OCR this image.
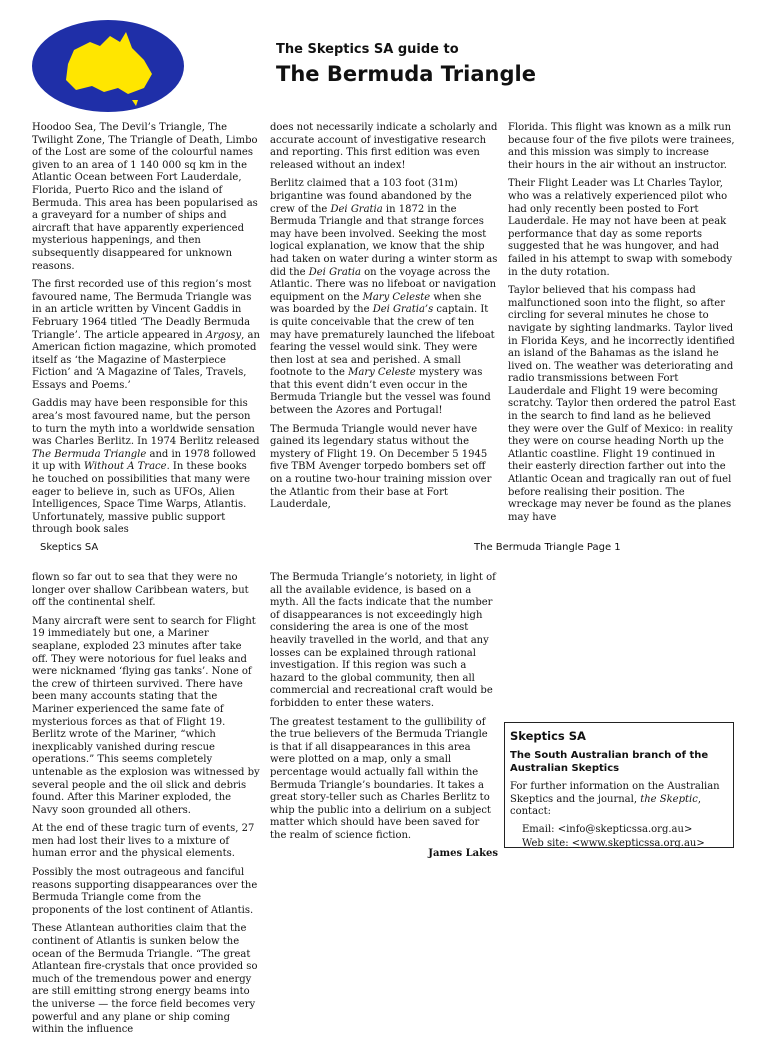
The Skeptics SA guide to
The Bermuda Triangle

Hoodoo Sea, The Devil’s Triangle, The Twilight Zone, The Triangle of Death, Limbo of the Lost are some of the colourful names given to an area of 1 140 000 sq km in the Atlantic Ocean between Fort Lauderdale, Florida, Puerto Rico and the island of Bermuda. This area has been popularised as a graveyard for a number of ships and aircraft that have apparently experienced mysterious happenings, and then subsequently disappeared for unknown reasons.

The first recorded use of this region’s most favoured name, The Bermuda Triangle was in an article written by Vincent Gaddis in February 1964 titled ‘The Deadly Bermuda Triangle’. The article appeared in Argosy, an American fiction magazine, which promoted itself as ‘the Magazine of Masterpiece Fiction’ and ‘A Magazine of Tales, Travels, Essays and Poems.’

Gaddis may have been responsible for this area’s most favoured name, but the person to turn the myth into a worldwide sensation was Charles Berlitz. In 1974 Berlitz released The Bermuda Triangle and in 1978 followed it up with Without A Trace. In these books he touched on possibilities that many were eager to believe in, such as UFOs, Alien Intelligences, Space Time Warps, Atlantis. Unfortunately, massive public support through book sales

does not necessarily indicate a scholarly and accurate account of investigative research and reporting. This first edition was even released without an index!

Berlitz claimed that a 103 foot (31m) brigantine was found abandoned by the crew of the Dei Gratia in 1872 in the Bermuda Triangle and that strange forces may have been involved. Seeking the most logical explanation, we know that the ship had taken on water during a winter storm as did the Dei Gratia on the voyage across the Atlantic. There was no lifeboat or navigation equipment on the Mary Celeste when she was boarded by the Dei Gratia’s captain. It is quite conceivable that the crew of ten may have prematurely launched the lifeboat fearing the vessel would sink. They were then lost at sea and perished. A small footnote to the Mary Celeste mystery was that this event didn’t even occur in the Bermuda Triangle but the vessel was found between the Azores and Portugal!

The Bermuda Triangle would never have gained its legendary status without the mystery of Flight 19. On December 5 1945 five TBM Avenger torpedo bombers set off on a routine two-hour training mission over the Atlantic from their base at Fort Lauderdale,

Florida. This flight was known as a milk run because four of the five pilots were trainees, and this mission was simply to increase their hours in the air without an instructor.

Their Flight Leader was Lt Charles Taylor, who was a relatively experienced pilot who had only recently been posted to Fort Lauderdale. He may not have been at peak performance that day as some reports suggested that he was hungover, and had failed in his attempt to swap with somebody in the duty rotation.

Taylor believed that his compass had malfunctioned soon into the flight, so after circling for several minutes he chose to navigate by sighting landmarks. Taylor lived in Florida Keys, and he incorrectly identified an island of the Bahamas as the island he lived on. The weather was deteriorating and radio transmissions between Fort Lauderdale and Flight 19 were becoming scratchy. Taylor then ordered the patrol East in the search to find land as he believed they were over the Gulf of Mexico: in reality they were on course heading North up the Atlantic coastline. Flight 19 continued in their easterly direction farther out into the Atlantic Ocean and tragically ran out of fuel before realising their position. The wreckage may never be found as the planes may have

Skeptics SA	The Bermuda Triangle Page 1

flown so far out to sea that they were no longer over shallow Caribbean waters, but off the continental shelf.

Many aircraft were sent to search for Flight 19 immediately but one, a Mariner seaplane, exploded 23 minutes after take off. They were notorious for fuel leaks and were nicknamed ‘flying gas tanks’. None of the crew of thirteen survived. There have been many accounts stating that the Mariner experienced the same fate of mysterious forces as that of Flight 19. Berlitz wrote of the Mariner, “which inexplicably vanished during rescue operations.” This seems completely untenable as the explosion was witnessed by several people and the oil slick and debris found. After this Mariner exploded, the Navy soon grounded all others.

At the end of these tragic turn of events, 27 men had lost their lives to a mixture of human error and the physical elements.

Possibly the most outrageous and fanciful reasons supporting disappearances over the Bermuda Triangle come from the proponents of the lost continent of Atlantis.

These Atlantean authorities claim that the continent of Atlantis is sunken below the ocean of the Bermuda Triangle. “The great Atlantean fire-crystals that once provided so much of the tremendous power and energy are still emitting strong energy beams into the universe — the force field becomes very powerful and any plane or ship coming within the influence

The Bermuda Triangle’s notoriety, in light of all the available evidence, is based on a myth. All the facts indicate that the number of disappearances is not exceedingly high considering the area is one of the most heavily travelled in the world, and that any losses can be explained through rational investigation. If this region was such a hazard to the global community, then all commercial and recreational craft would be forbidden to enter these waters.

The greatest testament to the gullibility of the true believers of the Bermuda Triangle is that if all disappearances in this area were plotted on a map, only a small percentage would actually fall within the Bermuda Triangle’s boundaries. It takes a great story-teller such as Charles Berlitz to whip the public into a delirium on a subject matter which should have been saved for the realm of science fiction.

James Lakes
Skeptics SA
The South Australian branch of the Australian Skeptics
For further information on the Australian Skeptics and the journal, the Skeptic, contact:
Email: <info@skepticssa.org.au>
Web site: <www.skepticssa.org.au>
